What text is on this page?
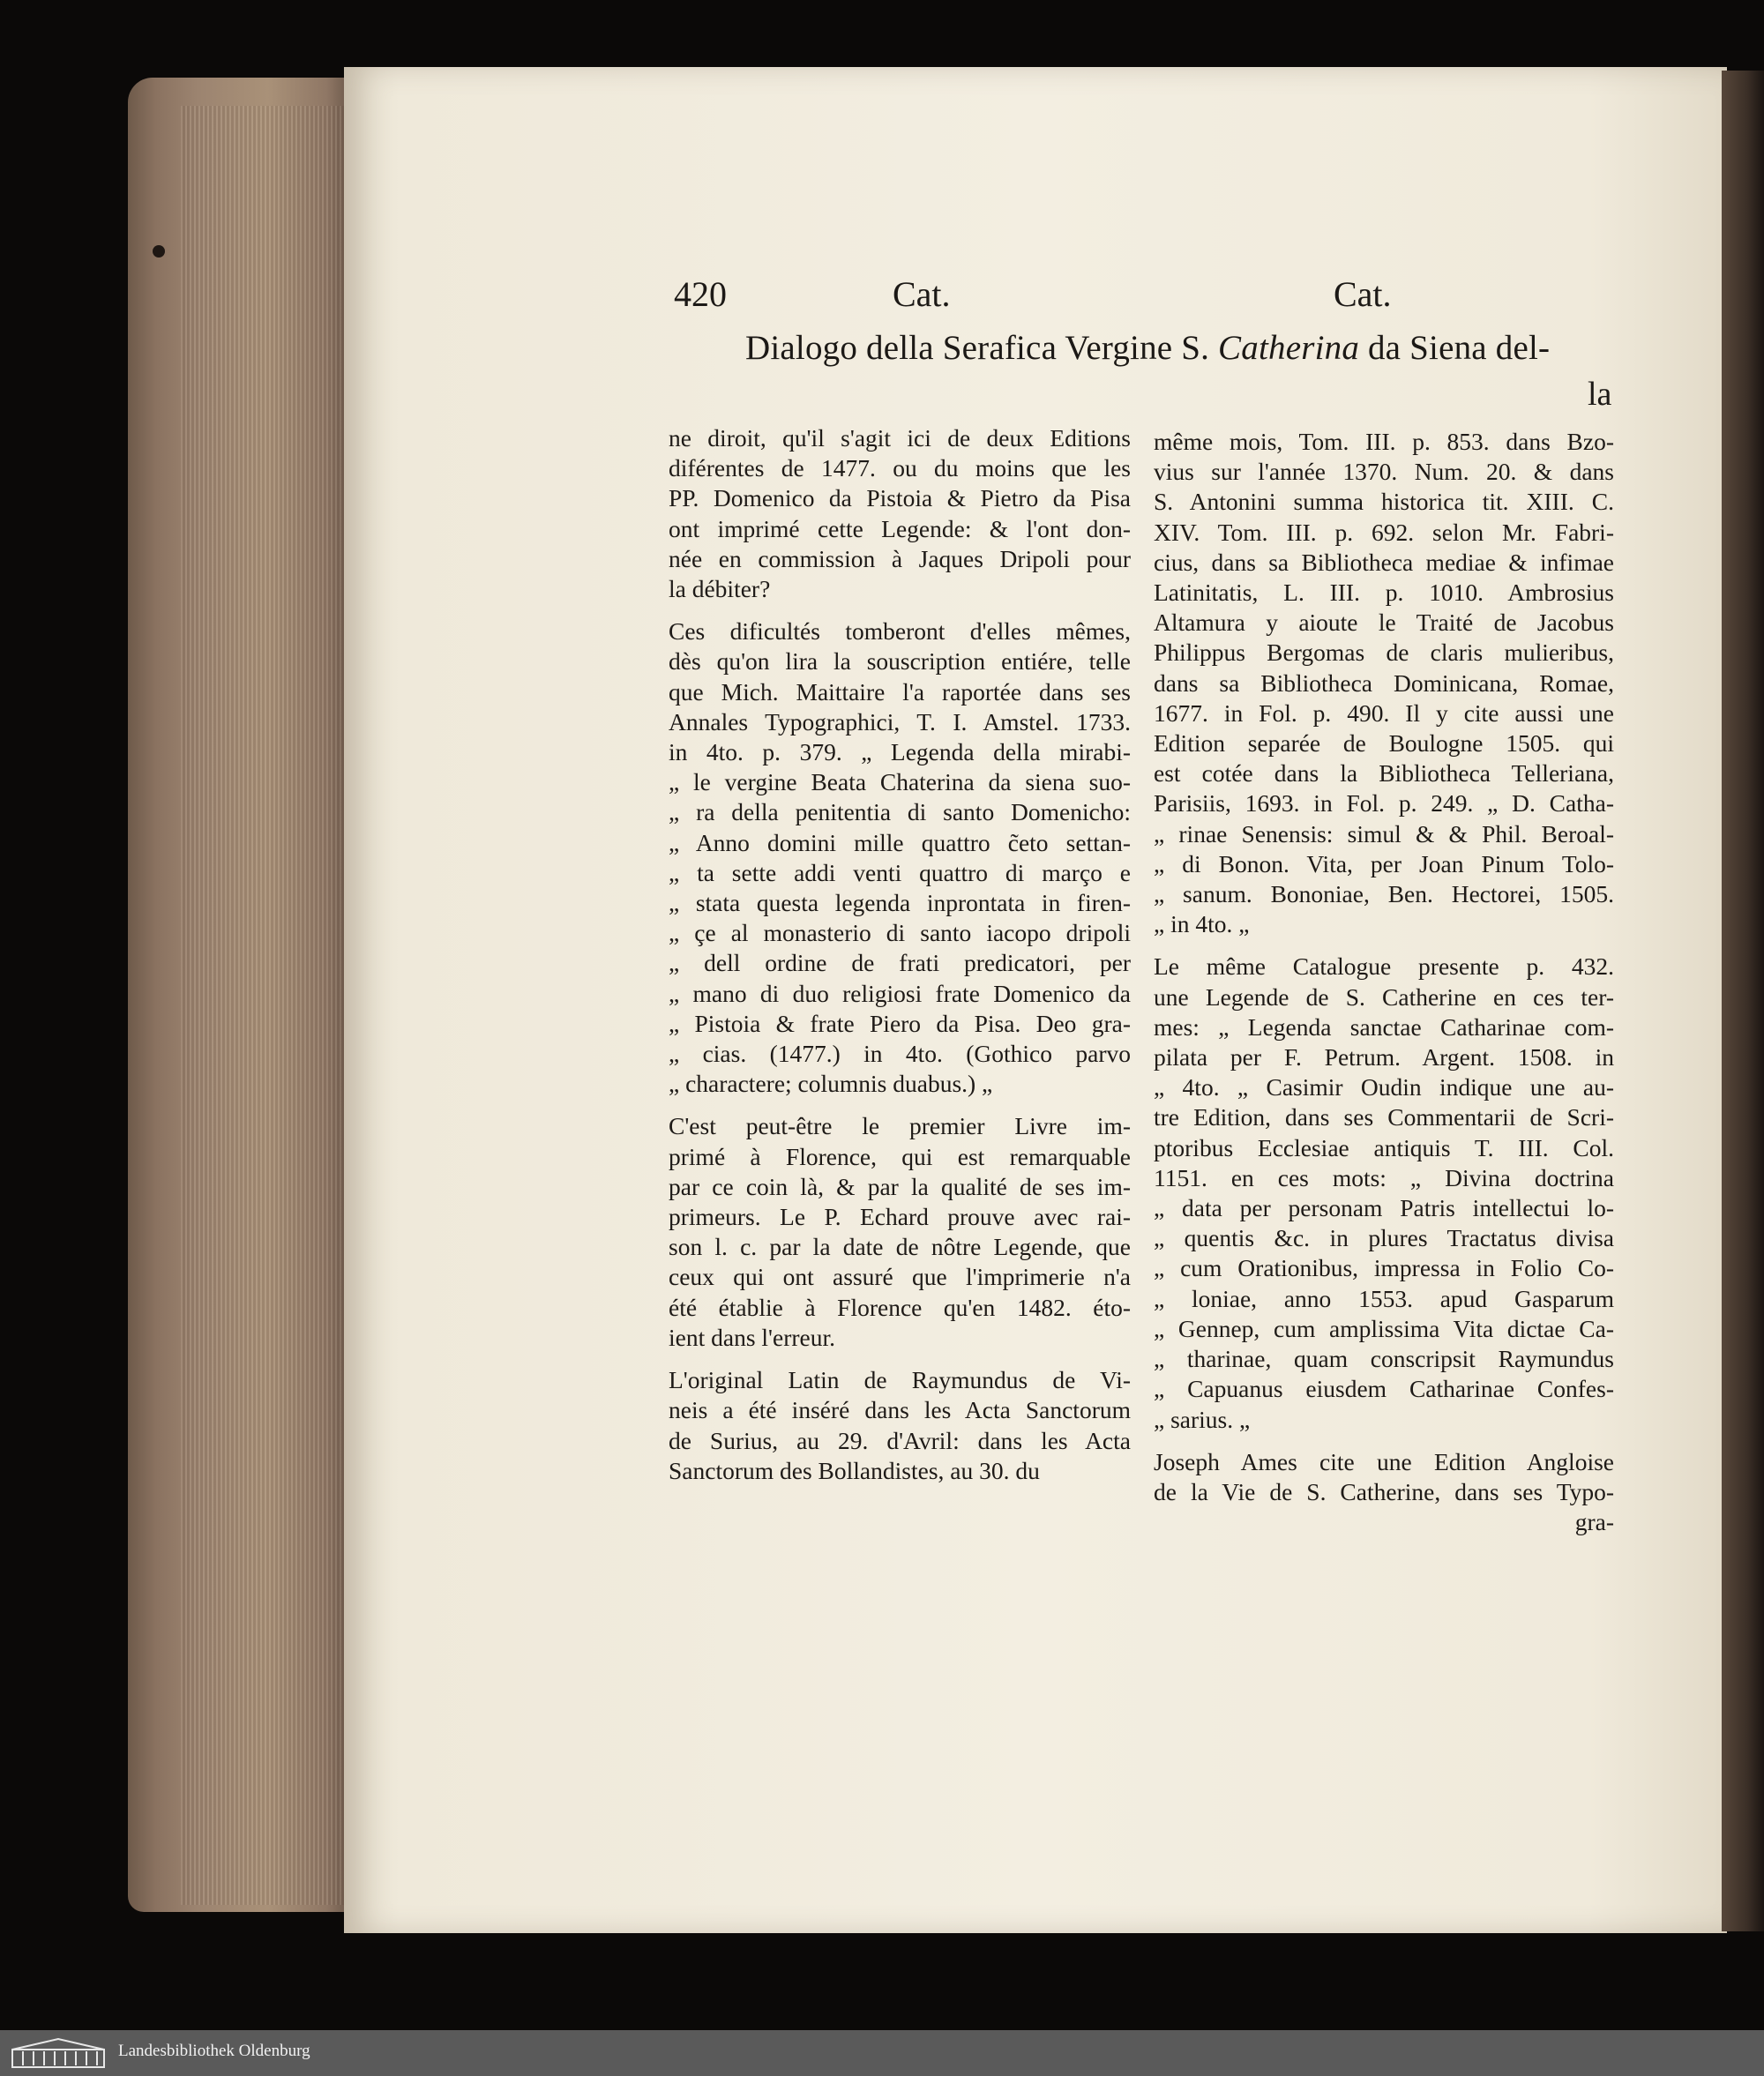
420	Cat.	Cat.
Dialogo della Serafica Vergine S. Catherina da Siena del-
la

ne diroit, qu'il s'agit ici de deux Editions
diférentes de 1477. ou du moins que les
PP. Domenico da Pistoia & Pietro da Pisa
ont imprimé cette Legende: & l'ont don-
née en commission à Jaques Dripoli pour
la débiter?

Ces dificultés tomberont d'elles mêmes,
dès qu'on lira la souscription entiére, telle
que Mich. Maittaire l'a raportée dans ses
Annales Typographici, T. I. Amstel. 1733.
in 4to. p. 379. „ Legenda della mirabi-
„ le vergine Beata Chaterina da siena suo-
„ ra della penitentia di santo Domenicho:
„ Anno domini mille quattro c̃eto settan-
„ ta sette addi venti quattro di março e
„ stata questa legenda inprontata in firen-
„ çe al monasterio di santo iacopo dripoli
„ dell ordine de frati predicatori, per
„ mano di duo religiosi frate Domenico da
„ Pistoia & frate Piero da Pisa. Deo gra-
„ cias. (1477.) in 4to. (Gothico parvo
„ charactere; columnis duabus.) „

C'est peut-être le premier Livre im-
primé à Florence, qui est remarquable
par ce coin là, & par la qualité de ses im-
primeurs. Le P. Echard prouve avec rai-
son l. c. par la date de nôtre Legende, que
ceux qui ont assuré que l'imprimerie n'a
été établie à Florence qu'en 1482. éto-
ient dans l'erreur.

L'original Latin de Raymundus de Vi-
neis a été inséré dans les Acta Sanctorum
de Surius, au 29. d'Avril: dans les Acta
Sanctorum des Bollandistes, au 30. du

même mois, Tom. III. p. 853. dans Bzo-
vius sur l'année 1370. Num. 20. & dans
S. Antonini summa historica tit. XIII. C.
XIV. Tom. III. p. 692. selon Mr. Fabri-
cius, dans sa Bibliotheca mediae & infimae
Latinitatis, L. III. p. 1010. Ambrosius
Altamura y aioute le Traité de Jacobus
Philippus Bergomas de claris mulieribus,
dans sa Bibliotheca Dominicana, Romae,
1677. in Fol. p. 490. Il y cite aussi une
Edition separée de Boulogne 1505. qui
est cotée dans la Bibliotheca Telleriana,
Parisiis, 1693. in Fol. p. 249. „ D. Catha-
„ rinae Senensis: simul & & Phil. Beroal-
„ di Bonon. Vita, per Joan Pinum Tolo-
„ sanum. Bononiae, Ben. Hectorei, 1505.
„ in 4to. „

Le même Catalogue presente p. 432.
une Legende de S. Catherine en ces ter-
mes: „ Legenda sanctae Catharinae com-
pilata per F. Petrum. Argent. 1508. in
„ 4to. „ Casimir Oudin indique une au-
tre Edition, dans ses Commentarii de Scri-
ptoribus Ecclesiae antiquis T. III. Col.
1151. en ces mots: „ Divina doctrina
„ data per personam Patris intellectui lo-
„ quentis &c. in plures Tractatus divisa
„ cum Orationibus, impressa in Folio Co-
„ loniae, anno 1553. apud Gasparum
„ Gennep, cum amplissima Vita dictae Ca-
„ tharinae, quam conscripsit Raymundus
„ Capuanus eiusdem Catharinae Confes-
„ sarius. „

Joseph Ames cite une Edition Angloise
de la Vie de S. Catherine, dans ses Typo-
gra-

Landesbibliothek Oldenburg
